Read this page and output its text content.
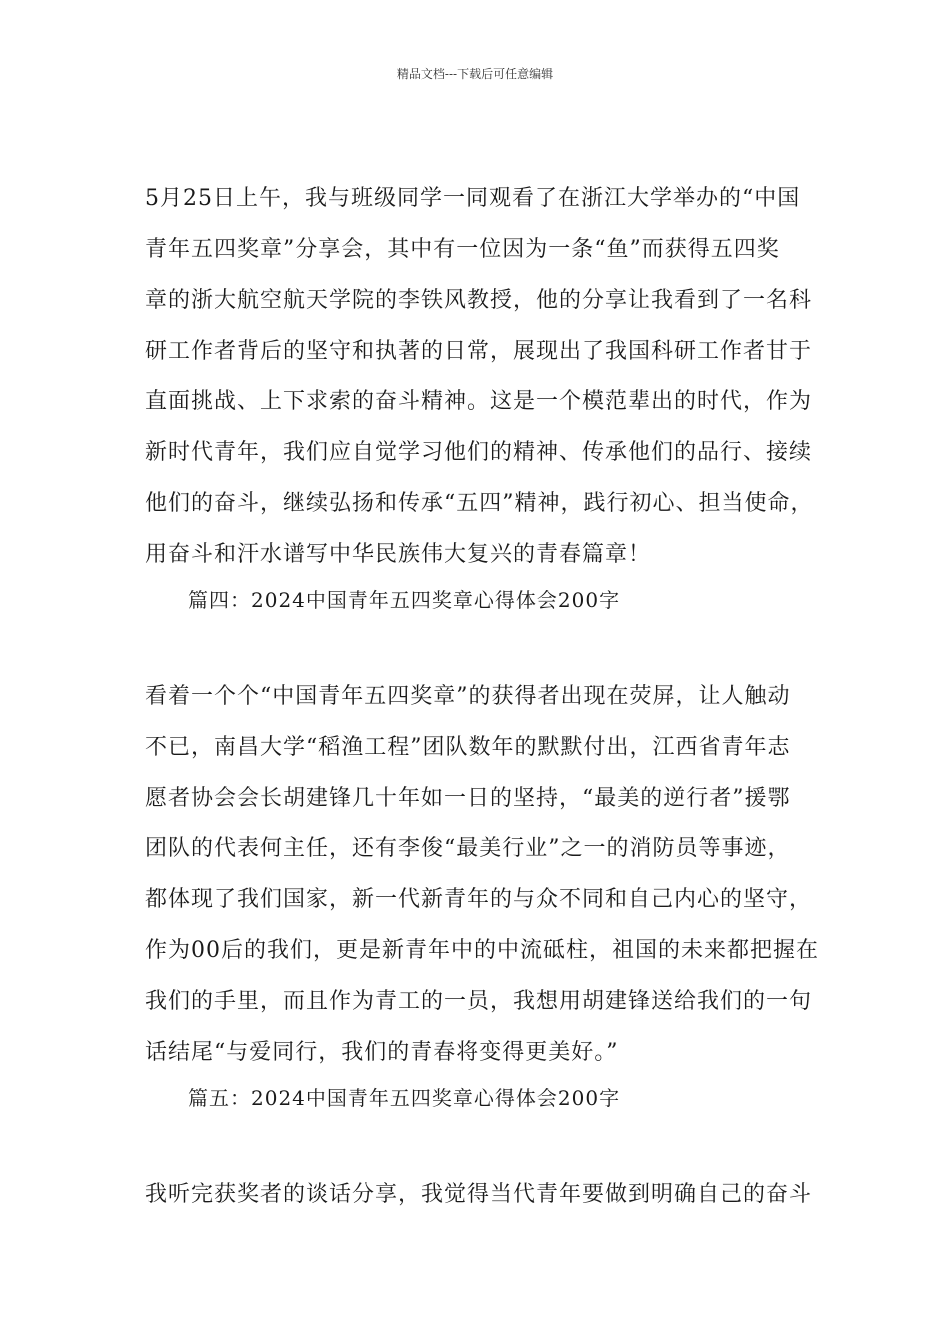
精品文档---下载后可任意编辑
5月25日上午，我与班级同学一同观看了在浙江大学举办的“中国
青年五四奖章”分享会，其中有一位因为一条“鱼”而获得五四奖
章的浙大航空航天学院的李铁风教授，他的分享让我看到了一名科
研工作者背后的坚守和执著的日常，展现出了我国科研工作者甘于
直面挑战、上下求索的奋斗精神。这是一个模范辈出的时代，作为
新时代青年，我们应自觉学习他们的精神、传承他们的品行、接续
他们的奋斗，继续弘扬和传承“五四”精神，践行初心、担当使命，
用奋斗和汗水谱写中华民族伟大复兴的青春篇章！
篇四：2024中国青年五四奖章心得体会200字
看着一个个“中国青年五四奖章”的获得者出现在荧屏，让人触动
不已，南昌大学“稻渔工程”团队数年的默默付出，江西省青年志
愿者协会会长胡建锋几十年如一日的坚持，“最美的逆行者”援鄂
团队的代表何主任，还有李俊“最美行业”之一的消防员等事迹，
都体现了我们国家，新一代新青年的与众不同和自己内心的坚守，
作为00后的我们，更是新青年中的中流砥柱，祖国的未来都把握在
我们的手里，而且作为青工的一员，我想用胡建锋送给我们的一句
话结尾“与爱同行，我们的青春将变得更美好。”
篇五：2024中国青年五四奖章心得体会200字
我听完获奖者的谈话分享，我觉得当代青年要做到明确自己的奋斗
